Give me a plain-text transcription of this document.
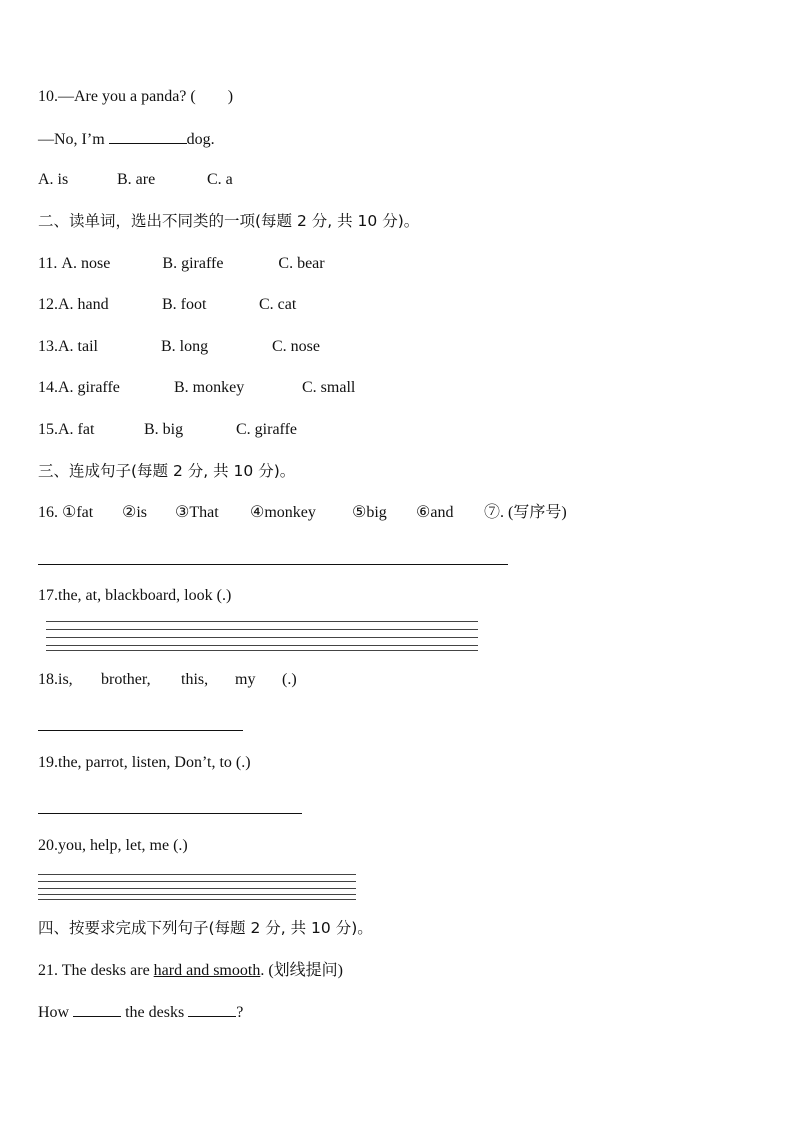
10.—Are you a panda? (        )
—No, I’m	dog.
A. is	B. are	C. a
二、读单词，选出不同类的一项(每题 2 分, 共 10 分)。
11. A. nose	B. giraffe	C. bear
12.A. hand	B. foot	C. cat
13.A. tail	B. long	C. nose
14.A. giraffe	B. monkey	C. small
15.A. fat	B. big	C. giraffe
三、连成句子(每题 2 分, 共 10 分)。
16. ①fat ②is ③That ④monkey ⑤big ⑥and ⑦. (写序号)
17.the, at, blackboard, look (.)
18.is, brother, this, my (.)
19.the, parrot, listen, Don’t, to (.)
20.you, help, let, me (.)
四、按要求完成下列句子(每题 2 分, 共 10 分)。
21. The desks are hard and smooth. (划线提问)
How	the desks	?
